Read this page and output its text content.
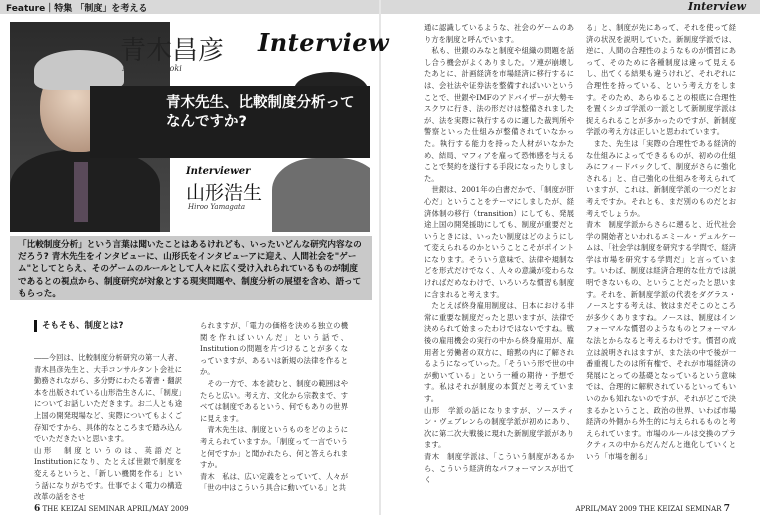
Feature｜特集 「制度」を考える	Interview
青木昌彦
Masahiko Aoki
Interview
青木先生、比較制度分析ってなんですか?
Interviewer
山形浩生
Hiroo Yamagata

「比較制度分析」という言葉は聞いたことはあるけれども、いったいどんな研究内容なのだろう? 青木先生をインタビューに、山形氏をインタビューアに迎え、人間社会を"ゲーム"としてとらえ、そのゲームのルールとして人々に広く受け入れられているものが制度であるとの視点から、制度研究が対象とする現実問題や、制度分析の展望を含め、語ってもらった。

そもそも、制度とは?
――今回は、比較制度分析研究の第一人者、青木昌彦先生と、大手コンサルタント会社に勤務されながら、多分野にわたる著書・翻訳本を出版されている山形浩生さんに、「制度」についてお話しいただきます。お二人とも途上国の開発現場など、実際についてもよくご存知ですから、具体的なところまで踏み込んでいただきたいと思います。
山形　制度というのは、英語だとInstitutionになり、たとえば世銀で制度を変えるというと、「新しい機関を作る」という話になりがちです。仕事でよく電力の構造改革の話をさせ
られますが、「電力の価格を決める独立の機関を作ればいいんだ」という話で、Institutionの問題を片づけることが多くなっていますが、あるいは新規の法律を作るとか。
　その一方で、本を読むと、制度の範囲はやたらと広い。考え方、文化から宗教まで、すべては制度であるという、何でもありの世界に見えます。
　青木先生は、制度というものをどのように考えられていますか。「制度って一言でいうと何ですか」と聞かれたら、何と答えられますか。
青木　私は、広い定義をとっていて、人々が「世の中はこういう具合に動いている」と共
通に認識しているような、社会のゲームのあり方を制度と呼んでいます。
　私も、世銀のみなと制度や組織の問題を話し合う機会がよくありました。ソ連が崩壊したあとに、計画経済を市場経済に移行するには、会社法や证券法を整備すればいいということで、世銀やIMFのアドバイザーが大勢モスクワに行き、法の形だけは整備されましたが、法を実際に執行するのに適した裁判所や警察といった仕組みが整備されていなかった。執行する能力を持った人材がいなかため、結局、マフィアを雇って恐怖感を与えることで契約を遂行する手段になったりしました。
　世銀は、2001年の白書だかで、「制度が肝心だ」ということをテーマにしましたが、経済体制の移行（transition）にしても、発展途上国の開発援助にしても、制度が重要だというときには、いったい制度はどのようにして変えられるのかということこそがポイントになります。そういう意味で、法律や規制などを形式だけでなく、人々の意識が変わらなければだめなわけで、いろいろな慣習も制度に含まれると考えます。
　たとえば終身雇用制度は、日本における非常に重要な制度だったと思いますが、法律で決められて始まったわけではないですね。戦後の雇用機会の実行の中から終身雇用が、雇用者と労働者の双方に、暗黙の内に了解されるようになっていった。「そういう形で世の中が動いている」という一種の期待・予想です。私はそれが制度の本質だと考えています。
山形　学派の話になりますが、ソースティン・ヴェブレンらの制度学派が初めにあり、次に第二次大戦後に現れた新制度学派があります。
青木　制度学派は、「こういう制度があるから、こういう経済的なパフォーマンスが出てく
る」と、制度が先にあって、それを使って経済の状況を説明していた。新制度学派では、逆に、人間の合理性のようなものが慣習にあって、そのために各種制度は違って見えるし、出てくる結果も違うけれど、それぞれに合理性を持っている、という考え方をします。そのため、あらゆることの根底に合理性を置くシカゴ学派の一派として新制度学派は捉えられることが多かったのですが、新制度学派の考え方は正しいと思われています。
　また、先生は「実際の合理性である経済的な仕組みによってできるものが、初めの仕組みにフィードバックして、制度がさらに強化される」と、自己強化の仕組みを考えられていますが、これは、新制度学派の一つだとお考えですか。それとも、まだ別のものだとお考えでしょうか。
青木　制度学派からさらに遡ると、近代社会学の開始者といわれるエミール・デュルケームは、「社会学は制度を研究する学問で、経済学は市場を研究する学問だ」と言っています。いわば、制度は経済合理的な仕方では説明できないもの、ということだったと思います。それを、新制度学派の代表をダグラス・ノースとする考えは、彼はまだそこのところが多少くありますね。ノースは、制度はインフォーマルな慣習のようなものとフォーマルな法とからなると考えるわけです。慣習の成立は説明されはますが、また法の中で後が一番重視したのは所有権で、それが市場経済の発展にとっての基礎となっているという意味では、合理的に解釈されているといってもいいのかも知れないのですが、それがどこで決まるかということ、政治の世界、いわば市場経済の外側から外生的に与えられるものと考えられています。市場のルールは交換のプラクティスの中からだんだんと進化していくという「市場を創る」
6 THE KEIZAI SEMINAR APRIL/MAY 2009	APRIL/MAY 2009 THE KEIZAI SEMINAR 7
